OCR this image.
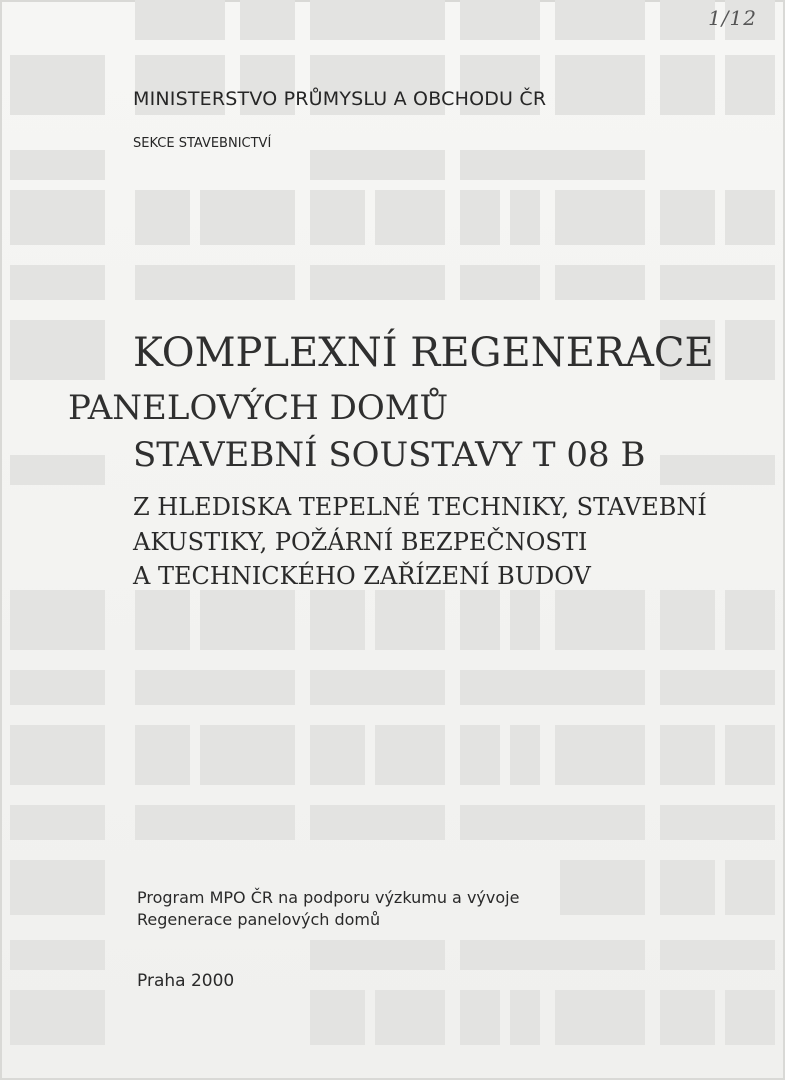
1/12
MINISTERSTVO PRŮMYSLU A OBCHODU ČR
SEKCE STAVEBNICTVÍ
KOMPLEXNÍ REGENERACE
PANELOVÝCH DOMŮ
STAVEBNÍ SOUSTAVY T 08 B
Z HLEDISKA TEPELNÉ TECHNIKY, STAVEBNÍ
AKUSTIKY, POŽÁRNÍ BEZPEČNOSTI
A TECHNICKÉHO ZAŘÍZENÍ BUDOV
Program MPO ČR na podporu výzkumu a vývoje
Regenerace panelových domů
Praha 2000
